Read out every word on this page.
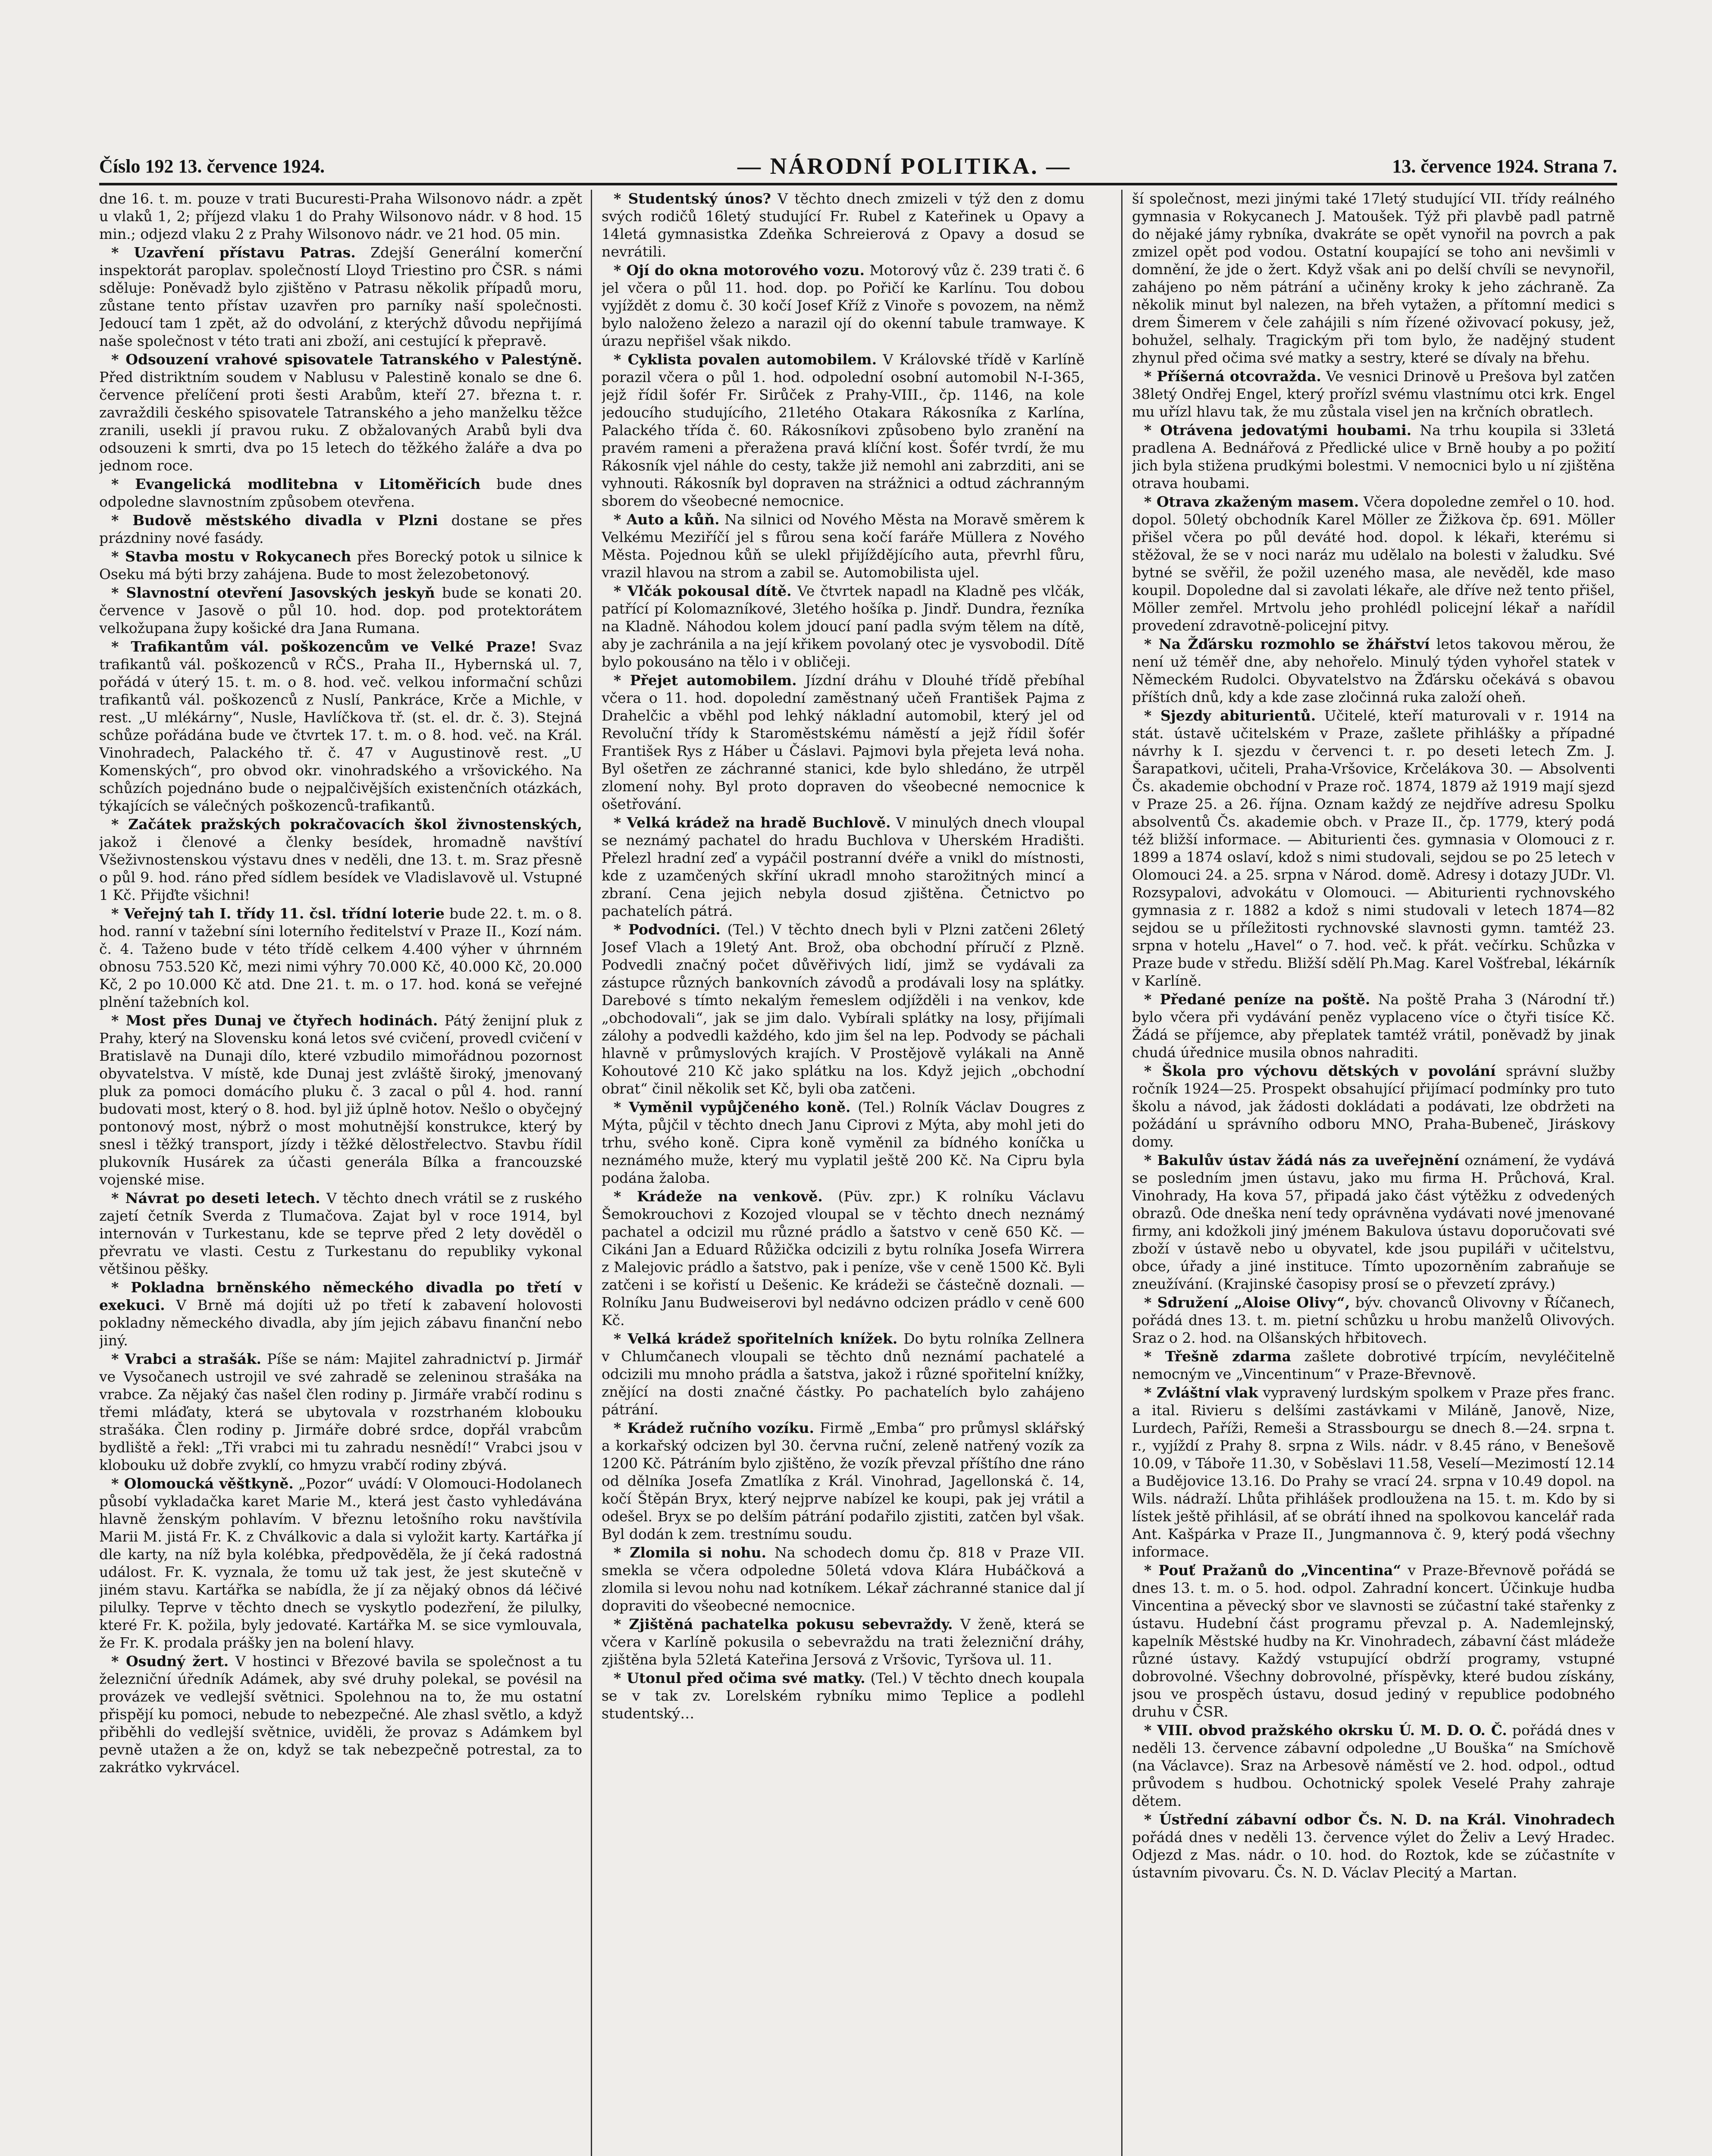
Číslo 192 13. července 1924.	— NÁRODNÍ POLITIKA. —	13. července 1924. Strana 7.

dne 16. t. m. pouze v trati Bucuresti-Praha Wilsonovo nádr. a zpět u vlaků 1, 2; příjezd vlaku 1 do Prahy Wilsonovo nádr. v 8 hod. 15 min.; odjezd vlaku 2 z Prahy Wilsonovo nádr. ve 21 hod. 05 min.

* Uzavření přístavu Patras. Zdejší Generální komerční inspektorát paroplav. společností Lloyd Triestino pro ČSR. s námi sděluje: Poněvadž bylo zjištěno v Patrasu několik případů moru, zůstane tento přístav uzavřen pro parníky naší společnosti. Jedoucí tam 1 zpět, až do odvolání, z kterýchž důvodu nepřijímá naše společnost v této trati ani zboží, ani cestující k přepravě.

* Odsouzení vrahové spisovatele Tatranského v Palestýně. Před distriktním soudem v Nablusu v Palestině konalo se dne 6. července přelíčení proti šesti Arabům, kteří 27. března t. r. zavraždili českého spisovatele Tatranského a jeho manželku těžce zranili, usekli jí pravou ruku. Z obžalovaných Arabů byli dva odsouzeni k smrti, dva po 15 letech do těžkého žaláře a dva po jednom roce.

* Evangelická modlitebna v Litoměřicích bude dnes odpoledne slavnostním způsobem otevřena.

* Budově městského divadla v Plzni dostane se přes prázdniny nové fasády.

* Stavba mostu v Rokycanech přes Borecký potok u silnice k Oseku má býti brzy zahájena. Bude to most železobetonový.

* Slavnostní otevření Jasovských jeskyň bude se konati 20. července v Jasově o půl 10. hod. dop. pod protektorátem velkožupana župy košické dra Jana Rumana.

* Trafikantům vál. poškozencům ve Velké Praze! Svaz trafikantů vál. poškozenců v RČS., Praha II., Hybernská ul. 7, pořádá v úterý 15. t. m. o 8. hod. več. velkou informační schůzi trafikantů vál. poškozenců z Nuslí, Pankráce, Krče a Michle, v rest. „U mlékárny“, Nusle, Havlíčkova tř. (st. el. dr. č. 3). Stejná schůze pořádána bude ve čtvrtek 17. t. m. o 8. hod. več. na Král. Vinohradech, Palackého tř. č. 47 v Augustinově rest. „U Komenských“, pro obvod okr. vinohradského a vršovického. Na schůzích pojednáno bude o nejpalčivějších existenčních otázkách, týkajících se válečných poškozenců-trafikantů.

* Začátek pražských pokračovacích škol živnostenských, jakož i členové a členky besídek, hromadně navštíví Všeživnostenskou výstavu dnes v neděli, dne 13. t. m. Sraz přesně o půl 9. hod. ráno před sídlem besídek ve Vladislavově ul. Vstupné 1 Kč. Přijďte všichni!

* Veřejný tah I. třídy 11. čsl. třídní loterie bude 22. t. m. o 8. hod. ranní v tažební síni loterního ředitelství v Praze II., Kozí nám. č. 4. Taženo bude v této třídě celkem 4.400 výher v úhrnném obnosu 753.520 Kč, mezi nimi výhry 70.000 Kč, 40.000 Kč, 20.000 Kč, 2 po 10.000 Kč atd. Dne 21. t. m. o 17. hod. koná se veřejné plnění tažebních kol.

* Most přes Dunaj ve čtyřech hodinách. Pátý ženijní pluk z Prahy, který na Slovensku koná letos své cvičení, provedl cvičení v Bratislavě na Dunaji dílo, které vzbudilo mimořádnou pozornost obyvatelstva. V místě, kde Dunaj jest zvláště široký, jmenovaný pluk za pomoci domácího pluku č. 3 zacal o půl 4. hod. ranní budovati most, který o 8. hod. byl již úplně hotov. Nešlo o obyčejný pontonový most, nýbrž o most mohutnější konstrukce, který by snesl i těžký transport, jízdy i těžké dělostřelectvo. Stavbu řídil plukovník Husárek za účasti generála Bílka a francouzské vojenské mise.

* Návrat po deseti letech. V těchto dnech vrátil se z ruského zajetí četník Sverda z Tlumačova. Zajat byl v roce 1914, byl internován v Turkestanu, kde se teprve před 2 lety dověděl o převratu ve vlasti. Cestu z Turkestanu do republiky vykonal většinou pěšky.

* Pokladna brněnského německého divadla po třetí v exekuci. V Brně má dojíti už po třetí k zabavení holovosti pokladny německého divadla, aby jím jejich zábavu finanční nebo jiný.

* Vrabci a strašák. Píše se nám: Majitel zahradnictví p. Jirmář ve Vysočanech ustrojil ve své zahradě se zeleninou strašáka na vrabce. Za nějaký čas našel člen rodiny p. Jirmáře vrabčí rodinu s třemi mláďaty, která se ubytovala v rozstrhaném klobouku strašáka. Člen rodiny p. Jirmáře dobré srdce, dopřál vrabcům bydliště a řekl: „Tři vrabci mi tu zahradu nesnědí!“ Vrabci jsou v klobouku už dobře zvyklí, co hmyzu vrabčí rodiny zbývá.

* Olomoucká věštkyně. „Pozor“ uvádí: V Olomouci-Hodolanech působí vykladačka karet Marie M., která jest často vyhledávána hlavně ženským pohlavím. V březnu letošního roku navštívila Marii M. jistá Fr. K. z Chválkovic a dala si vyložit karty. Kartářka jí dle karty, na níž byla kolébka, předpověděla, že jí čeká radostná událost. Fr. K. vyznala, že tomu už tak jest, že jest skutečně v jiném stavu. Kartářka se nabídla, že jí za nějaký obnos dá léčivé pilulky. Teprve v těchto dnech se vyskytlo podezření, že pilulky, které Fr. K. požila, byly jedovaté. Kartářka M. se sice vymlouvala, že Fr. K. prodala prášky jen na bolení hlavy.

* Osudný žert. V hostinci v Březové bavila se společnost a tu železniční úředník Adámek, aby své druhy polekal, se povésil na provázek ve vedlejší světnici. Spolehnou na to, že mu ostatní přispějí ku pomoci, nebude to nebezpečné. Ale zhasl světlo, a když přiběhli do vedlejší světnice, uviděli, že provaz s Adámkem byl pevně utažen a že on, když se tak nebezpečně potrestal, za to zakrátko vykrvácel.

* Studentský únos? V těchto dnech zmizeli v týž den z domu svých rodičů 16letý studující Fr. Rubel z Kateřinek u Opavy a 14letá gymnasistka Zdeňka Schreierová z Opavy a dosud se nevrátili.

* Ojí do okna motorového vozu. Motorový vůz č. 239 trati č. 6 jel včera o půl 11. hod. dop. po Pořičí ke Karlínu. Tou dobou vyjíždět z domu č. 30 kočí Josef Kříž z Vinoře s povozem, na němž bylo naloženo železo a narazil ojí do okenní tabule tramwaye. K úrazu nepřišel však nikdo.

* Cyklista povalen automobilem. V Královské třídě v Karlíně porazil včera o půl 1. hod. odpolední osobní automobil N-I-365, jejž řídil šofér Fr. Sirůček z Prahy-VIII., čp. 1146, na kole jedoucího studujícího, 21letého Otakara Rákosníka z Karlína, Palackého třída č. 60. Rákosníkovi způsobeno bylo zranění na pravém rameni a přeražena pravá klíční kost. Šofér tvrdí, že mu Rákosník vjel náhle do cesty, takže již nemohl ani zabrzditi, ani se vyhnouti. Rákosník byl dopraven na strážnici a odtud záchranným sborem do všeobecné nemocnice.

* Auto a kůň. Na silnici od Nového Města na Moravě směrem k Velkému Meziříčí jel s fůrou sena kočí faráře Müllera z Nového Města. Pojednou kůň se ulekl přijíždějícího auta, převrhl fůru, vrazil hlavou na strom a zabil se. Automobilista ujel.

* Vlčák pokousal dítě. Ve čtvrtek napadl na Kladně pes vlčák, patřící pí Kolomazníkové, 3letého hošíka p. Jindř. Dundra, řezníka na Kladně. Náhodou kolem jdoucí paní padla svým tělem na dítě, aby je zachránila a na její křikem povolaný otec je vysvobodil. Dítě bylo pokousáno na tělo i v obličeji.

* Přejet automobilem. Jízdní dráhu v Dlouhé třídě přebíhal včera o 11. hod. dopolední zaměstnaný učeň František Pajma z Drahelčic a vběhl pod lehký nákladní automobil, který jel od Revoluční třídy k Staroměstskému náměstí a jejž řídil šofér František Rys z Háber u Čáslavi. Pajmovi byla přejeta levá noha. Byl ošetřen ze záchranné stanici, kde bylo shledáno, že utrpěl zlomení nohy. Byl proto dopraven do všeobecné nemocnice k ošetřování.

* Velká krádež na hradě Buchlově. V minulých dnech vloupal se neznámý pachatel do hradu Buchlova v Uherském Hradišti. Přelezl hradní zeď a vypáčil postranní dvéře a vnikl do místnosti, kde z uzamčených skříní ukradl mnoho starožitných mincí a zbraní. Cena jejich nebyla dosud zjištěna. Četnictvo po pachatelích pátrá.

* Podvodníci. (Tel.) V těchto dnech byli v Plzni zatčeni 26letý Josef Vlach a 19letý Ant. Brož, oba obchodní příručí z Plzně. Podvedli značný počet důvěřivých lidí, jimž se vydávali za zástupce různých bankovních závodů a prodávali losy na splátky. Darebové s tímto nekalým řemeslem odjížděli i na venkov, kde „obchodovali“, jak se jim dalo. Vybírali splátky na losy, přijímali zálohy a podvedli každého, kdo jim šel na lep. Podvody se páchali hlavně v průmyslových krajích. V Prostějově vylákali na Anně Kohoutové 210 Kč jako splátku na los. Když jejich „obchodní obrat“ činil několik set Kč, byli oba zatčeni.

* Vyměnil vypůjčeného koně. (Tel.) Rolník Václav Dougres z Mýta, půjčil v těchto dnech Janu Ciprovi z Mýta, aby mohl jeti do trhu, svého koně. Cipra koně vyměnil za bídného koníčka u neznámého muže, který mu vyplatil ještě 200 Kč. Na Cipru byla podána žaloba.

* Krádeže na venkově. (Püv. zpr.) K rolníku Václavu Šemokrouchovi z Kozojed vloupal se v těchto dnech neznámý pachatel a odcizil mu různé prádlo a šatstvo v ceně 650 Kč. — Cikáni Jan a Eduard Růžička odcizili z bytu rolníka Josefa Wirrera z Malejovic prádlo a šatstvo, pak i peníze, vše v ceně 1500 Kč. Byli zatčeni i se kořistí u Dešenic. Ke krádeži se částečně doznali. — Rolníku Janu Budweiserovi byl nedávno odcizen prádlo v ceně 600 Kč.

* Velká krádež spořitelních knížek. Do bytu rolníka Zellnera v Chlumčanech vloupali se těchto dnů neznámí pachatelé a odcizili mu mnoho prádla a šatstva, jakož i různé spořitelní knížky, znějící na dosti značné částky. Po pachatelích bylo zahájeno pátrání.

* Krádež ručního vozíku. Firmě „Emba“ pro průmysl sklářský a korkařský odcizen byl 30. června ruční, zeleně natřený vozík za 1200 Kč. Pátráním bylo zjištěno, že vozík převzal příštího dne ráno od dělníka Josefa Zmatlíka z Král. Vinohrad, Jagellonská č. 14, kočí Štěpán Bryx, který nejprve nabízel ke koupi, pak jej vrátil a odešel. Bryx se po delším pátrání podařilo zjistiti, zatčen byl však. Byl dodán k zem. trestnímu soudu.

* Zlomila si nohu. Na schodech domu čp. 818 v Praze VII. smekla se včera odpoledne 50letá vdova Klára Hubáčková a zlomila si levou nohu nad kotníkem. Lékař záchranné stanice dal jí dopraviti do všeobecné nemocnice.

* Zjištěná pachatelka pokusu sebevraždy. V ženě, která se včera v Karlíně pokusila o sebevraždu na trati železniční dráhy, zjištěna byla 52letá Kateřina Jersová z Vršovic, Tyršova ul. 11.

* Utonul před očima své matky. (Tel.) V těchto dnech koupala se v tak zv. Lorelském rybníku mimo Teplice a podlehl studentský…

ší společnost, mezi jinými také 17letý studující VII. třídy reálného gymnasia v Rokycanech J. Matoušek. Týž při plavbě padl patrně do nějaké jámy rybníka, dvakráte se opět vynořil na povrch a pak zmizel opět pod vodou. Ostatní koupající se toho ani nevšimli v domnění, že jde o žert. Když však ani po delší chvíli se nevynořil, zahájeno po něm pátrání a učiněny kroky k jeho záchraně. Za několik minut byl nalezen, na břeh vytažen, a přítomní medici s drem Šimerem v čele zahájili s ním řízené oživovací pokusy, jež, bohužel, selhaly. Tragickým při tom bylo, že nadějný student zhynul před očima své matky a sestry, které se dívaly na břehu.

* Příšerná otcovražda. Ve vesnici Drinově u Prešova byl zatčen 38letý Ondřej Engel, který prořízl svému vlastnímu otci krk. Engel mu uřízl hlavu tak, že mu zůstala visel jen na krčních obratlech.

* Otrávena jedovatými houbami. Na trhu koupila si 33letá pradlena A. Bednářová z Předlické ulice v Brně houby a po požití jich byla stižena prudkými bolestmi. V nemocnici bylo u ní zjištěna otrava houbami.

* Otrava zkaženým masem. Včera dopoledne zemřel o 10. hod. dopol. 50letý obchodník Karel Möller ze Žižkova čp. 691. Möller přišel včera po půl deváté hod. dopol. k lékaři, kterému si stěžoval, že se v noci naráz mu udělalo na bolesti v žaludku. Své bytné se svěřil, že požil uzeného masa, ale nevěděl, kde maso koupil. Dopoledne dal si zavolati lékaře, ale dříve než tento přišel, Möller zemřel. Mrtvolu jeho prohlédl policejní lékař a nařídil provedení zdravotně-policejní pitvy.

* Na Žďársku rozmohlo se žhářství letos takovou měrou, že není už téměř dne, aby nehořelo. Minulý týden vyhořel statek v Německém Rudolci. Obyvatelstvo na Žďársku očekává s obavou příštích dnů, kdy a kde zase zločinná ruka založí oheň.

* Sjezdy abiturientů. Učitelé, kteří maturovali v r. 1914 na stát. ústavě učitelském v Praze, zašlete přihlášky a případné návrhy k I. sjezdu v červenci t. r. po deseti letech Zm. J. Šarapatkovi, učiteli, Praha-Vršovice, Krčelákova 30. — Absolventi Čs. akademie obchodní v Praze roč. 1874, 1879 až 1919 mají sjezd v Praze 25. a 26. října. Oznam každý ze nejdříve adresu Spolku absolventů Čs. akademie obch. v Praze II., čp. 1779, který podá též bližší informace. — Abiturienti čes. gymnasia v Olomouci z r. 1899 a 1874 oslaví, kdož s nimi studovali, sejdou se po 25 letech v Olomouci 24. a 25. srpna v Národ. domě. Adresy i dotazy JUDr. Vl. Rozsypalovi, advokátu v Olomouci. — Abiturienti rychnovského gymnasia z r. 1882 a kdož s nimi studovali v letech 1874—82 sejdou se u příležitosti rychnovské slavnosti gymn. tamtéž 23. srpna v hotelu „Havel“ o 7. hod. več. k přát. večírku. Schůzka v Praze bude v středu. Bližší sdělí Ph.Mag. Karel Vošťrebal, lékárník v Karlíně.

* Předané peníze na poště. Na poště Praha 3 (Národní tř.) bylo včera při vydávání peněz vyplaceno více o čtyři tisíce Kč. Žádá se příjemce, aby přeplatek tamtéž vrátil, poněvadž by jinak chudá úřednice musila obnos nahraditi.

* Škola pro výchovu dětských v povolání správní služby ročník 1924—25. Prospekt obsahující přijímací podmínky pro tuto školu a návod, jak žádosti dokládati a podávati, lze obdržeti na požádání u správního odboru MNO, Praha-Bubeneč, Jiráskovy domy.

* Bakulův ústav žádá nás za uveřejnění oznámení, že vydává se posledním jmen ústavu, jako mu firma H. Průchová, Kral. Vinohrady, Ha kova 57, připadá jako část výtěžku z odvedených obrazů. Ode dneška není tedy oprávněna vydávati nové jmenované firmy, ani kdožkoli jiný jménem Bakulova ústavu doporučovati své zboží v ústavě nebo u obyvatel, kde jsou pupiláři v učitelstvu, obce, úřady a jiné instituce. Tímto upozorněním zabraňuje se zneužívání. (Krajinské časopisy prosí se o převzetí zprávy.)

* Sdružení „Aloise Olivy“, býv. chovanců Olivovny v Říčanech, pořádá dnes 13. t. m. pietní schůzku u hrobu manželů Olivových. Sraz o 2. hod. na Olšanských hřbitovech.

* Třešně zdarma zašlete dobrotivé trpícím, nevyléčitelně nemocným ve „Vincentinum“ v Praze-Břevnově.

* Zvláštní vlak vypravený lurdským spolkem v Praze přes franc. a ital. Rivieru s delšími zastávkami v Miláně, Janově, Nize, Lurdech, Paříži, Remeši a Strassbourgu se dnech 8.—24. srpna t. r., vyjíždí z Prahy 8. srpna z Wils. nádr. v 8.45 ráno, v Benešově 10.09, v Táboře 11.30, v Soběslavi 11.58, Veselí—Mezimostí 12.14 a Budějovice 13.16. Do Prahy se vrací 24. srpna v 10.49 dopol. na Wils. nádraží. Lhůta přihlášek prodloužena na 15. t. m. Kdo by si lístek ještě přihlásil, ať se obrátí ihned na spolkovou kancelář rada Ant. Kašpárka v Praze II., Jungmannova č. 9, který podá všechny informace.

* Pouť Pražanů do „Vincentina“ v Praze-Břevnově pořádá se dnes 13. t. m. o 5. hod. odpol. Zahradní koncert. Účinkuje hudba Vincentina a pěvecký sbor ve slavnosti se zúčastní také stařenky z ústavu. Hudební část programu převzal p. A. Nademlejnský, kapelník Městské hudby na Kr. Vinohradech, zábavní část mládeže různé ústavy. Každý vstupující obdrží programy, vstupné dobrovolné. Všechny dobrovolné, příspěvky, které budou získány, jsou ve prospěch ústavu, dosud jediný v republice podobného druhu v ČSR.

* VIII. obvod pražského okrsku Ú. M. D. O. Č. pořádá dnes v neděli 13. července zábavní odpoledne „U Bouška“ na Smíchově (na Václavce). Sraz na Arbesově náměstí ve 2. hod. odpol., odtud průvodem s hudbou. Ochotnický spolek Veselé Prahy zahraje dětem.

* Ústřední zábavní odbor Čs. N. D. na Král. Vinohradech pořádá dnes v neděli 13. července výlet do Želiv a Levý Hradec. Odjezd z Mas. nádr. o 10. hod. do Roztok, kde se zúčastníte v ústavním pivovaru. Čs. N. D. Václav Plecitý a Martan.
